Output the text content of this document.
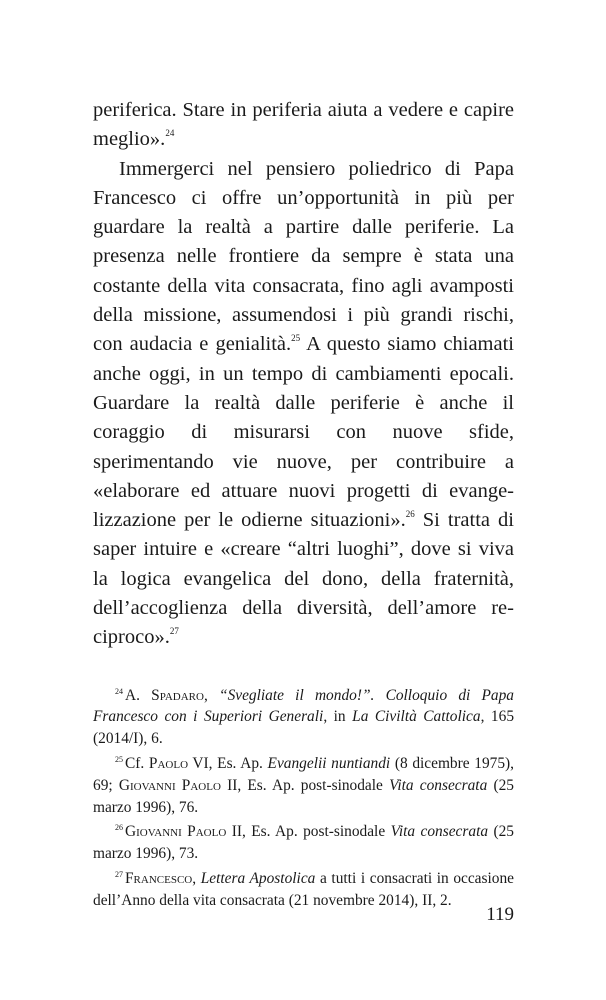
periferica. Stare in periferia aiuta a vedere e capire meglio».$^{24}$

Immergerci nel pensiero poliedrico di Papa Francesco ci offre un’opportunità in più per guardare la realtà a partire dalle periferie. La presenza nelle frontiere da sempre è stata una costante della vita consacrata, fino agli avamposti della missione, assumendosi i più grandi rischi, con audacia e genialità.$^{25}$ A questo siamo chiamati anche oggi, in un tempo di cambiamenti epocali. Guardare la realtà dalle periferie è anche il coraggio di misurarsi con nuove sfide, sperimentando vie nuove, per contribuire a «elaborare ed attuare nuovi progetti di evangelizzazione per le odierne situazioni».$^{26}$ Si tratta di saper intuire e «creare “altri luoghi”, dove si viva la logica evangelica del dono, della fraternità, dell’accoglienza della diversità, dell’amore reciproco».$^{27}$

$^{24}$ A. Spadaro, “Svegliate il mondo!”. Colloquio di Papa Francesco con i Superiori Generali, in La Civiltà Cattolica, 165 (2014/I), 6.

$^{25}$ Cf. Paolo VI, Es. Ap. Evangelii nuntiandi (8 dicembre 1975), 69; Giovanni Paolo II, Es. Ap. post-sinodale Vita consecrata (25 marzo 1996), 76.

$^{26}$ Giovanni Paolo II, Es. Ap. post-sinodale Vita consecrata (25 marzo 1996), 73.

$^{27}$ Francesco, Lettera Apostolica a tutti i consacrati in occasione dell’Anno della vita consacrata (21 novembre 2014), II, 2.

119
